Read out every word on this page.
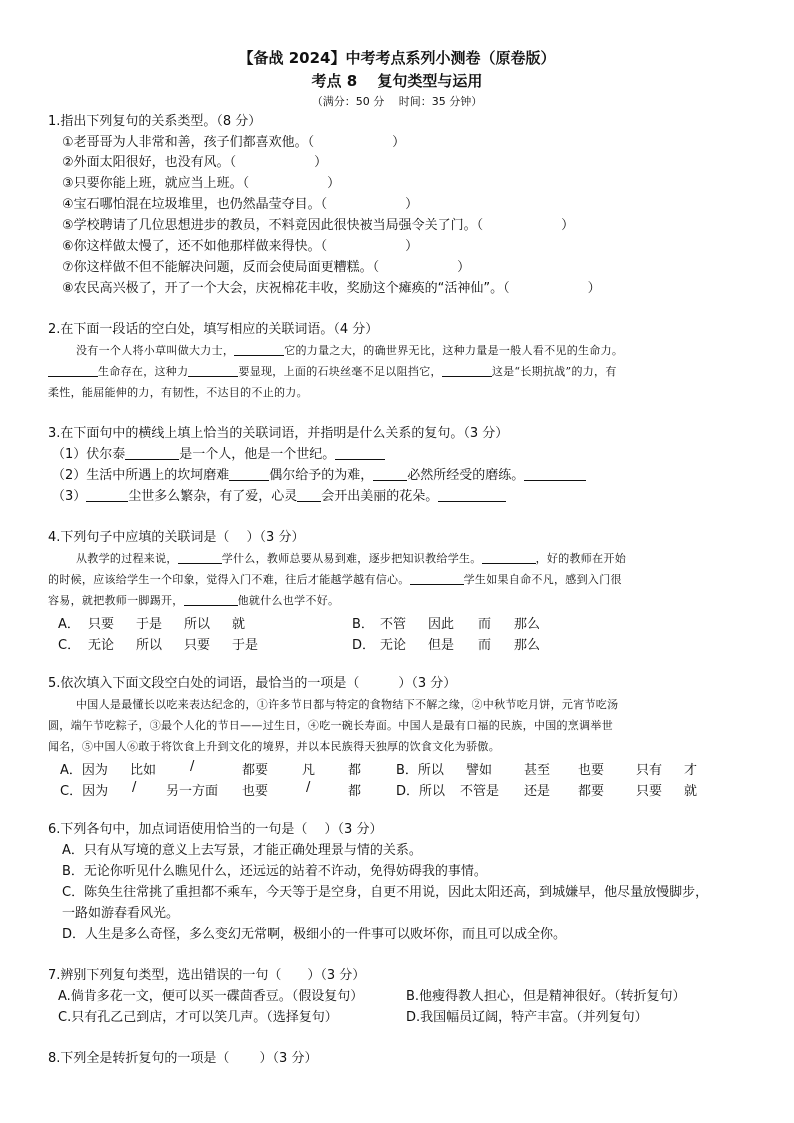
【备战 2024】中考考点系列小测卷（原卷版）
考点 8　 复句类型与运用
（满分：50 分　 时间：35 分钟）
1.指出下列复句的关系类型。（8 分）
①老哥哥为人非常和善，孩子们都喜欢他。（　　　　　　）
②外面太阳很好，也没有风。（　　　　　　）
③只要你能上班，就应当上班。（　　　　　　）
④宝石哪怕混在垃圾堆里，也仍然晶莹夺目。（　　　　　　）
⑤学校聘请了几位思想进步的教员，不料竟因此很快被当局强令关了门。（　　　　　　）
⑥你这样做太慢了，还不如他那样做来得快。（　　　　　　）
⑦你这样做不但不能解决问题，反而会使局面更糟糕。（　　　　　　）
⑧农民高兴极了，开了一个大会，庆祝棉花丰收，奖励这个瘫痪的“活神仙”。（　　　　　　）
2.在下面一段话的空白处，填写相应的关联词语。（4 分）
没有一个人将小草叫做大力士，	它的力量之大，的确世界无比，这种力量是一般人看不见的生命力。
生命存在，这种力	要显现，上面的石块丝毫不足以阻挡它，	这是“长期抗战”的力，有
柔性，能屈能伸的力，有韧性，不达目的不止的力。
3.在下面句中的横线上填上恰当的关联词语，并指明是什么关系的复句。（3 分）
（1）伏尔泰	是一个人，他是一个世纪。
（2）生活中所遇上的坎坷磨难	偶尔给予的为难，	必然所经受的磨练。
（3）	尘世多么繁杂，有了爱，心灵 会开出美丽的花朵。
4.下列句子中应填的关联词是（　 ）（3 分）
从教学的过程来说，	学什么，教师总要从易到难，逐步把知识教给学生。	，好的教师在开始
的时候，应该给学生一个印象，觉得入门不难，往后才能越学越有信心。	学生如果自命不凡，感到入门很
容易，就把教师一脚踢开，	他就什么也学不好。
A． 只要 于是 所以 就	B． 不管 因此 而 那么
C． 无论 所以 只要 于是	D． 无论 但是 而 那么
5.依次填入下面文段空白处的词语，最恰当的一项是（　　　）（3 分）
中国人是最懂长以吃来表达纪念的，①许多节日都与特定的食物结下不解之缘，②中秋节吃月饼，元宵节吃汤
圆，端午节吃粽子，③最个人化的节日——过生日，④吃一碗长寿面。中国人是最有口福的民族，中国的烹调举世
闻名，⑤中国人⑥敢于将饮食上升到文化的境界，并以本民族得天独厚的饮食文化为骄傲。
A．因为 比如	/	都要	凡	都	B．所以 譬如 甚至 也要 只有 才
C．因为 / 另一方面 也要	/	都	D．所以 不管是 还是 都要 只要 就
6.下列各句中，加点词语使用恰当的一句是（　 ）（3 分）
A．只有从写境的意义上去写景，才能正确处理景与情的关系。
B．无论你听见什么瞧见什么，还远远的站着不许动，免得妨碍我的事情。
C．陈奂生往常挑了重担都不乘车，今天等于是空身，自更不用说，因此太阳还高，到城嫌早，他尽量放慢脚步，
一路如游春看风光。
D．人生是多么奇怪，多么变幻无常啊，极细小的一件事可以败坏你，而且可以成全你。
7.辨别下列复句类型，选出错误的一句（　　）（3 分）
A.倘肯多花一文，便可以买一碟茴香豆。（假设复句）	B.他瘦得教人担心，但是精神很好。（转折复句）
C.只有孔乙己到店，才可以笑几声。（选择复句）	D.我国幅员辽阔，特产丰富。（并列复句）
8.下列全是转折复句的一项是（　　 ）（3 分）
